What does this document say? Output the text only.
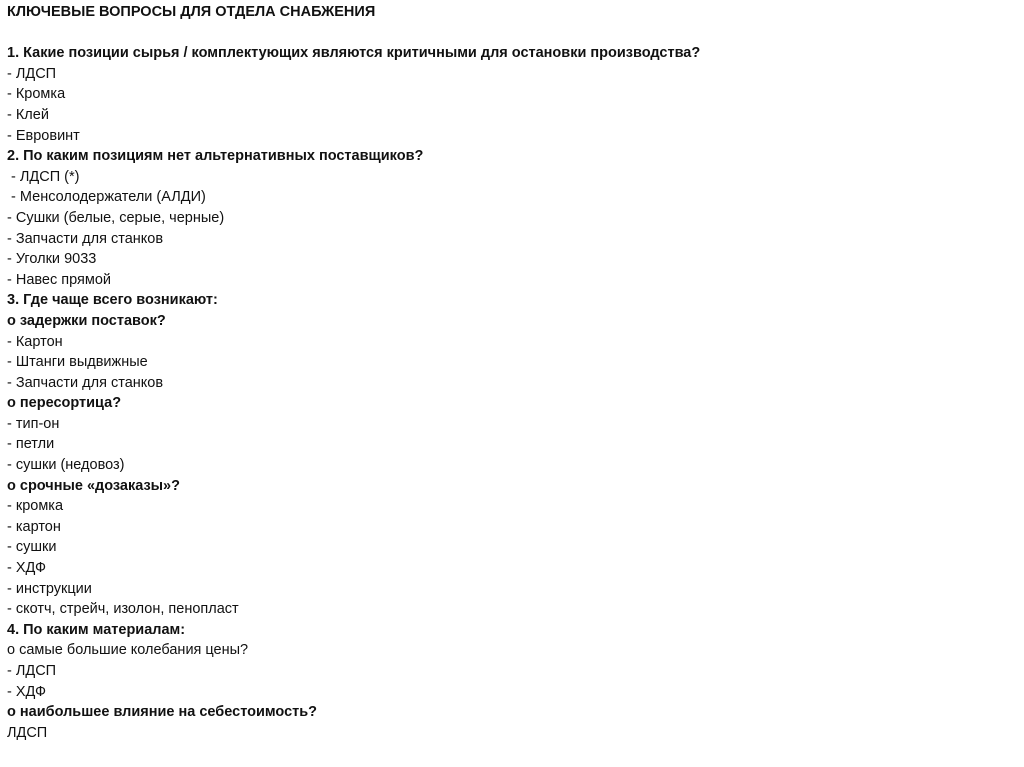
КЛЮЧЕВЫЕ ВОПРОСЫ ДЛЯ ОТДЕЛА СНАБЖЕНИЯ
1. Какие позиции сырья / комплектующих являются критичными для остановки производства?
- ЛДСП
- Кромка
- Клей
- Евровинт
2. По каким позициям нет альтернативных поставщиков?
- ЛДСП (*)
- Менсолодержатели (АЛДИ)
- Сушки (белые, серые, черные)
- Запчасти для станков
- Уголки 9033
- Навес прямой
3. Где чаще всего возникают:
o задержки поставок?
- Картон
- Штанги выдвижные
- Запчасти для станков
o пересортица?
- тип-он
- петли
- сушки (недовоз)
o срочные «дозаказы»?
- кромка
- картон
- сушки
- ХДФ
- инструкции
- скотч, стрейч, изолон, пенопласт
4. По каким материалам:
o самые большие колебания цены?
- ЛДСП
- ХДФ
o наибольшее влияние на себестоимость?
ЛДСП
